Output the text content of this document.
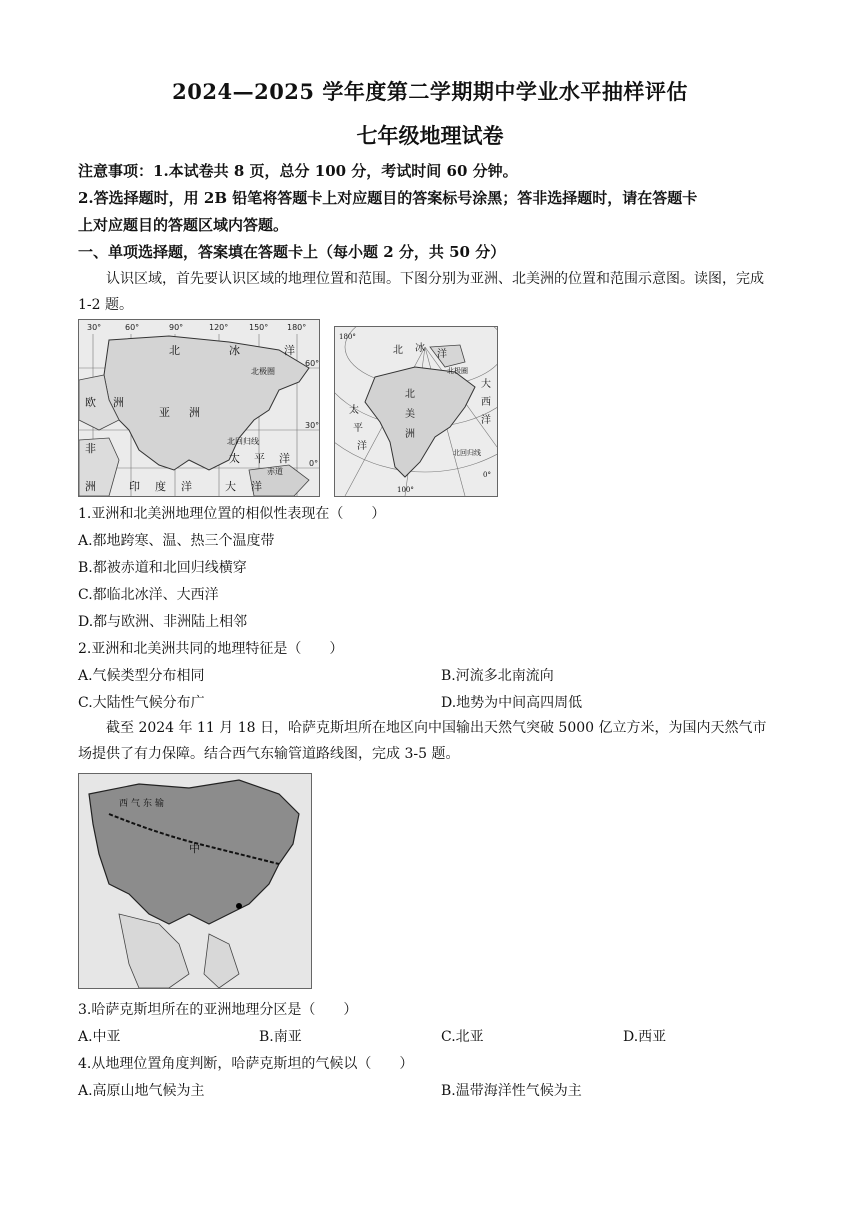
2024—2025 学年度第二学期期中学业水平抽样评估
七年级地理试卷
注意事项：1.本试卷共 8 页，总分 100 分，考试时间 60 分钟。
2.答选择题时，用 2B 铅笔将答题卡上对应题目的答案标号涂黑；答非选择题时，请在答题卡
上对应题目的答题区域内答题。
一、单项选择题，答案填在答题卡上（每小题 2 分，共 50 分）
认识区域，首先要认识区域的地理位置和范围。下图分别为亚洲、北美洲的位置和范围示意图。读图，完成 1-2 题。
30°	60°	90°	120°	150° 180°
60°
30°
0°
北	冰	洋
北极圈
欧 洲
亚 洲
非
北回归线
太 平 洋
赤道
印 度 洋	大 洋
洲
北 冰
洋
北极圈
北
美
洲
太
平
洋
大
西
洋
北回归线
100°
0°
180°
1.亚洲和北美洲地理位置的相似性表现在（　　）
A.都地跨寒、温、热三个温度带
B.都被赤道和北回归线横穿
C.都临北冰洋、大西洋
D.都与欧洲、非洲陆上相邻
2.亚洲和北美洲共同的地理特征是（　　）
A.气候类型分布相同	B.河流多北南流向
C.大陆性气候分布广	D.地势为中间高四周低
截至 2024 年 11 月 18 日，哈萨克斯坦所在地区向中国输出天然气突破 5000 亿立方米，为国内天然气市场提供了有力保障。结合西气东输管道路线图，完成 3-5 题。
西 气 东 输
中
3.哈萨克斯坦所在的亚洲地理分区是（　　）
A.中亚	B.南亚	C.北亚	D.西亚
4.从地理位置角度判断，哈萨克斯坦的气候以（　　）
A.高原山地气候为主	B.温带海洋性气候为主
